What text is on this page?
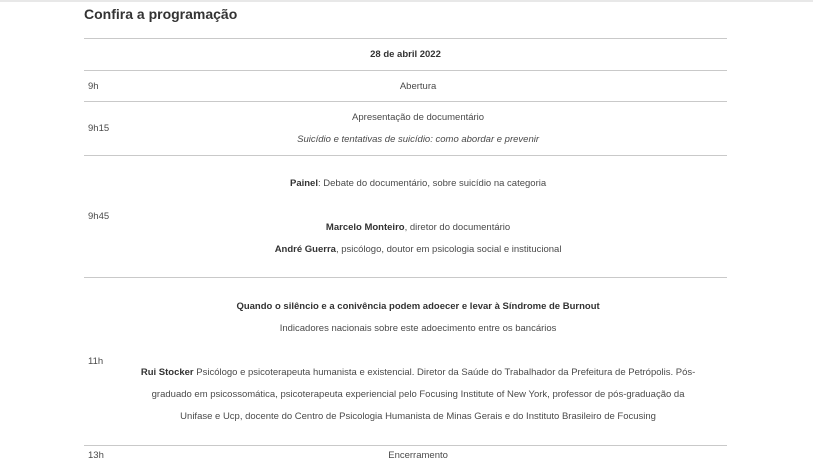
Confira a programação
28 de abril 2022	
9h	Abertura
9h15	Apresentação de documentário
Suicídio e tentativas de suicídio: como abordar e prevenir

9h45	Painel: Debate do documentário, sobre suicídio na categoria
Marcelo Monteiro, diretor do documentário
André Guerra, psicólogo, doutor em psicologia social e institucional

11h	Quando o silêncio e a conivência podem adoecer e levar à Síndrome de Burnout
Indicadores nacionais sobre este adoecimento entre os bancários
Rui Stocker Psicólogo e psicoterapeuta humanista e existencial. Diretor da Saúde do Trabalhador da Prefeitura de Petrópolis. Pós-
graduado em psicossomática, psicoterapeuta experiencial pelo Focusing Institute of New York, professor de pós-graduação da
Unifase e Ucp, docente do Centro de Psicologia Humanista de Minas Gerais e do Instituto Brasileiro de Focusing

13h	Encerramento
